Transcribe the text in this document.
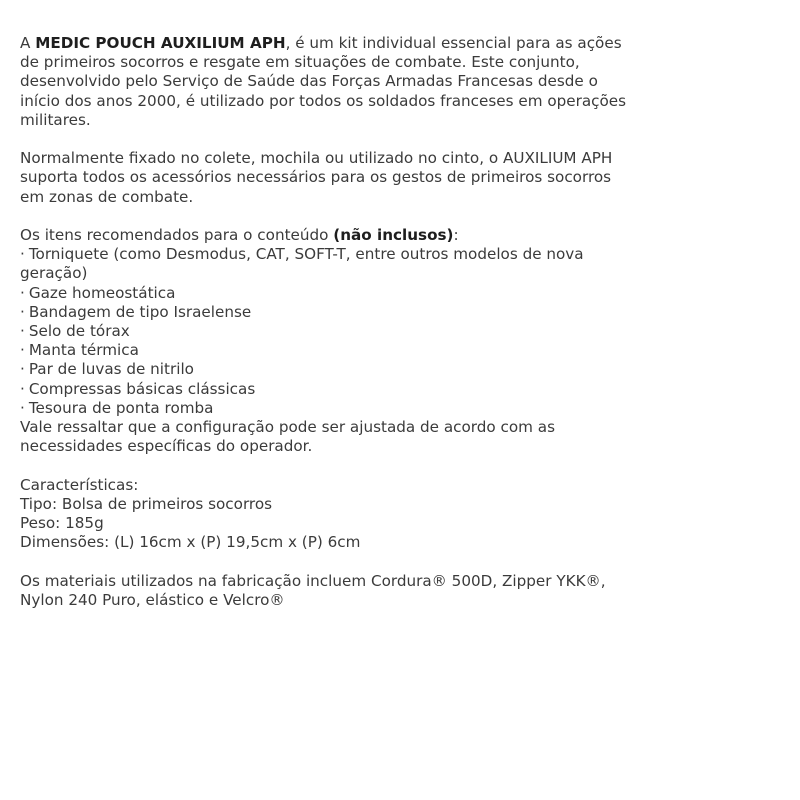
A MEDIC POUCH AUXILIUM APH, é um kit individual essencial para as ações de primeiros socorros e resgate em situações de combate. Este conjunto, desenvolvido pelo Serviço de Saúde das Forças Armadas Francesas desde o início dos anos 2000, é utilizado por todos os soldados franceses em operações militares.

Normalmente fixado no colete, mochila ou utilizado no cinto, o AUXILIUM APH suporta todos os acessórios necessários para os gestos de primeiros socorros em zonas de combate.

Os itens recomendados para o conteúdo (não inclusos):

· Torniquete (como Desmodus, CAT, SOFT-T, entre outros modelos de nova geração)
· Gaze homeostática
· Bandagem de tipo Israelense
· Selo de tórax
· Manta térmica
· Par de luvas de nitrilo
· Compressas básicas clássicas
· Tesoura de ponta romba

Vale ressaltar que a configuração pode ser ajustada de acordo com as necessidades específicas do operador.

Características:

Tipo: Bolsa de primeiros socorros

Peso: 185g

Dimensões: (L) 16cm x (P) 19,5cm x (P) 6cm

Os materiais utilizados na fabricação incluem Cordura® 500D, Zipper YKK®, Nylon 240 Puro, elástico e Velcro®
